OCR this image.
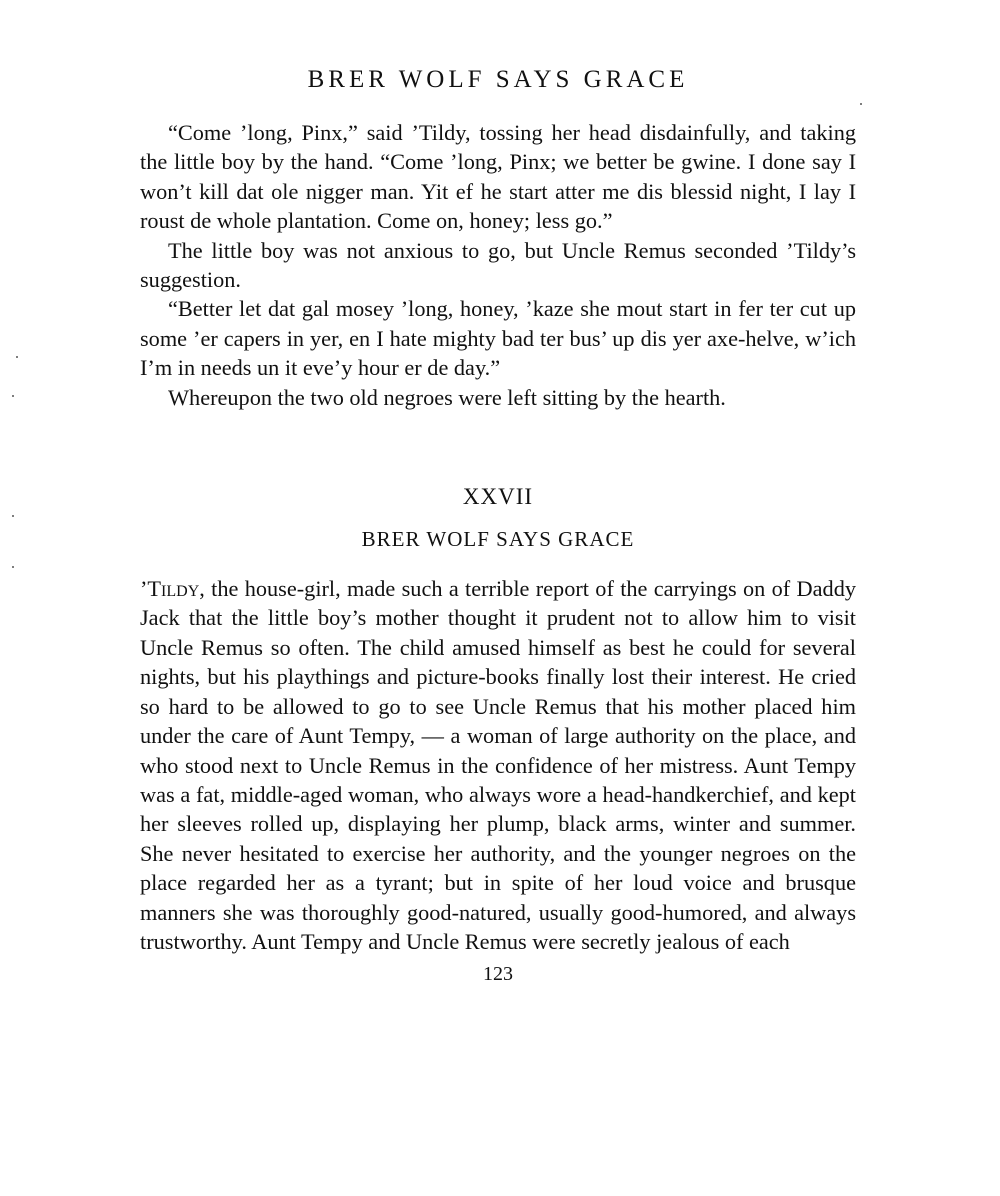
BRER WOLF SAYS GRACE

“Come ’long, Pinx,” said ’Tildy, tossing her head disdainfully, and taking the little boy by the hand. “Come ’long, Pinx; we better be gwine. I done say I won’t kill dat ole nigger man. Yit ef he start atter me dis blessid night, I lay I roust de whole plantation. Come on, honey; less go.”

The little boy was not anxious to go, but Uncle Remus seconded ’Tildy’s suggestion.

“Better let dat gal mosey ’long, honey, ’kaze she mout start in fer ter cut up some ’er capers in yer, en I hate mighty bad ter bus’ up dis yer axe-helve, w’ich I’m in needs un it eve’y hour er de day.”

Whereupon the two old negroes were left sitting by the hearth.

XXVII
BRER WOLF SAYS GRACE

’Tildy, the house-girl, made such a terrible report of the carryings on of Daddy Jack that the little boy’s mother thought it prudent not to allow him to visit Uncle Remus so often. The child amused himself as best he could for several nights, but his playthings and picture-books finally lost their interest. He cried so hard to be allowed to go to see Uncle Remus that his mother placed him under the care of Aunt Tempy, — a woman of large authority on the place, and who stood next to Uncle Remus in the confidence of her mistress. Aunt Tempy was a fat, middle-aged woman, who always wore a head-handkerchief, and kept her sleeves rolled up, displaying her plump, black arms, winter and summer. She never hesitated to exercise her authority, and the younger negroes on the place regarded her as a tyrant; but in spite of her loud voice and brusque manners she was thoroughly good-natured, usually good-humored, and always trustworthy. Aunt Tempy and Uncle Remus were secretly jealous of each

123
